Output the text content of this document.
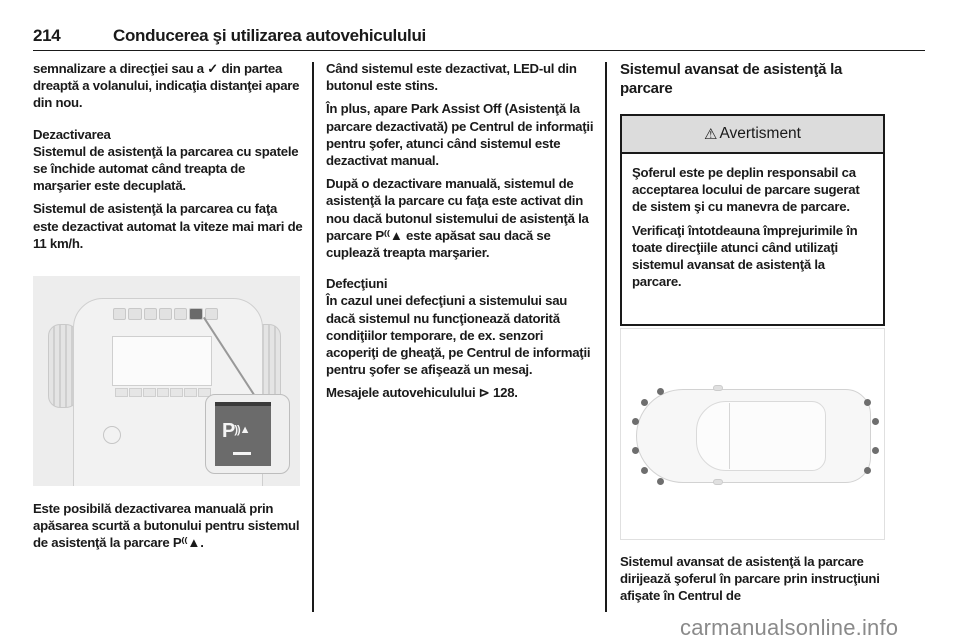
214	Conducerea şi utilizarea autovehiculului

semnalizare a direcţiei sau a ✓ din partea dreaptă a volanului, indicaţia distanţei apare din nou.

Dezactivarea
Sistemul de asistenţă la parcarea cu spatele se închide automat când treapta de marşarier este decuplată.

Sistemul de asistenţă la parcarea cu faţa este dezactivat automat la viteze mai mari de 11 km/h.

P))▲

Este posibilă dezactivarea manuală prin apăsarea scurtă a butonului pentru sistemul de asistenţă la parcare P⁽⁽▲.

Când sistemul este dezactivat, LED-ul din butonul este stins.

În plus, apare Park Assist Off (Asistenţă la parcare dezactivată) pe Centrul de informaţii pentru şofer, atunci când sistemul este dezactivat manual.

După o dezactivare manuală, sistemul de asistenţă la parcare cu faţa este activat din nou dacă butonul sistemului de asistenţă la parcare P⁽⁽▲ este apăsat sau dacă se cuplează treapta marşarier.

Defecţiuni
În cazul unei defecţiuni a sistemului sau dacă sistemul nu funcţionează datorită condiţiilor temporare, de ex. senzori acoperiţi de gheaţă, pe Centrul de informaţii pentru şofer se afişează un mesaj.

Mesajele autovehiculului ⊳ 128.

Sistemul avansat de asistenţă la parcare
⚠ Avertisment

Şoferul este pe deplin responsabil ca acceptarea locului de parcare sugerat de sistem şi cu manevra de parcare.

Verificaţi întotdeauna împrejurimile în toate direcţiile atunci când utilizaţi sistemul avansat de asistenţă la parcare.

Sistemul avansat de asistenţă la parcare dirijează şoferul în parcare prin instrucţiuni afişate în Centrul de

carmanualsonline.info
